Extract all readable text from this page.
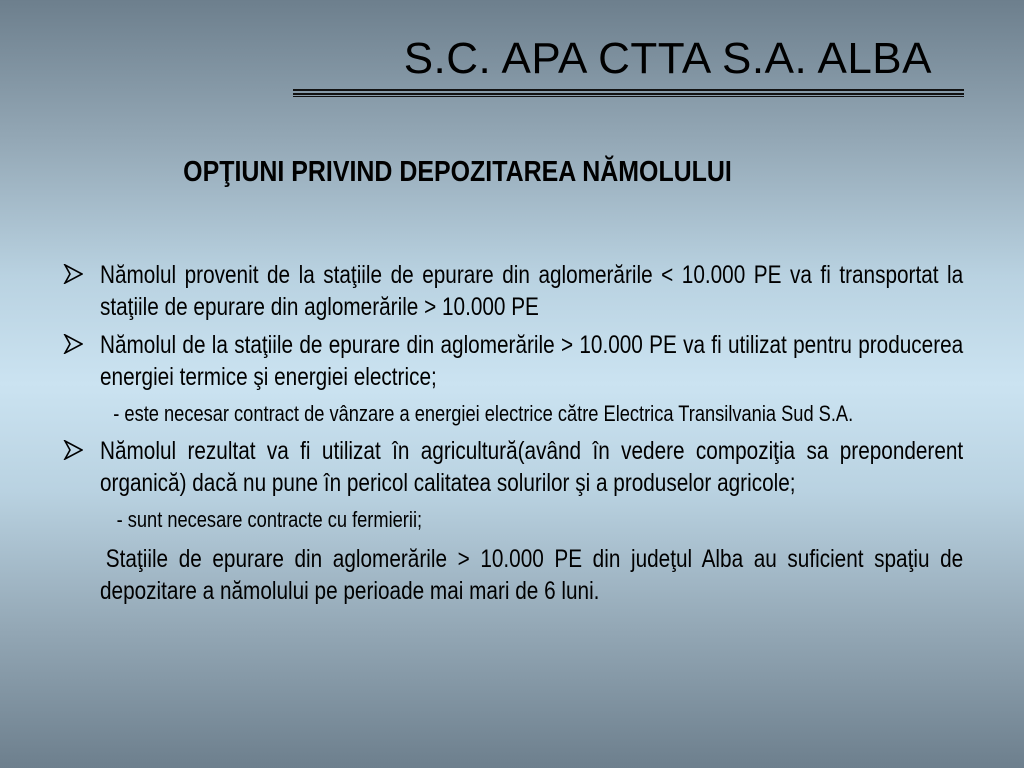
S.C. APA CTTA S.A. ALBA
OPŢIUNI PRIVIND DEPOZITAREA NĂMOLULUI
Nămolul provenit de la staţiile de epurare din aglomerările < 10.000 PE va fi transportat la staţiile de epurare din aglomerările > 10.000 PE
Nămolul de la staţiile de epurare din aglomerările > 10.000 PE va fi utilizat pentru producerea energiei termice şi energiei electrice;
- este necesar contract de vânzare a energiei electrice către Electrica Transilvania Sud S.A.
Nămolul rezultat va fi utilizat în agricultură(având în vedere compoziţia sa preponderent organică) dacă nu pune în pericol calitatea solurilor şi a produselor agricole;
- sunt necesare contracte cu fermierii;
Staţiile de epurare din aglomerările > 10.000 PE din judeţul Alba au suficient spaţiu de depozitare a nămolului pe perioade mai mari de 6 luni.
